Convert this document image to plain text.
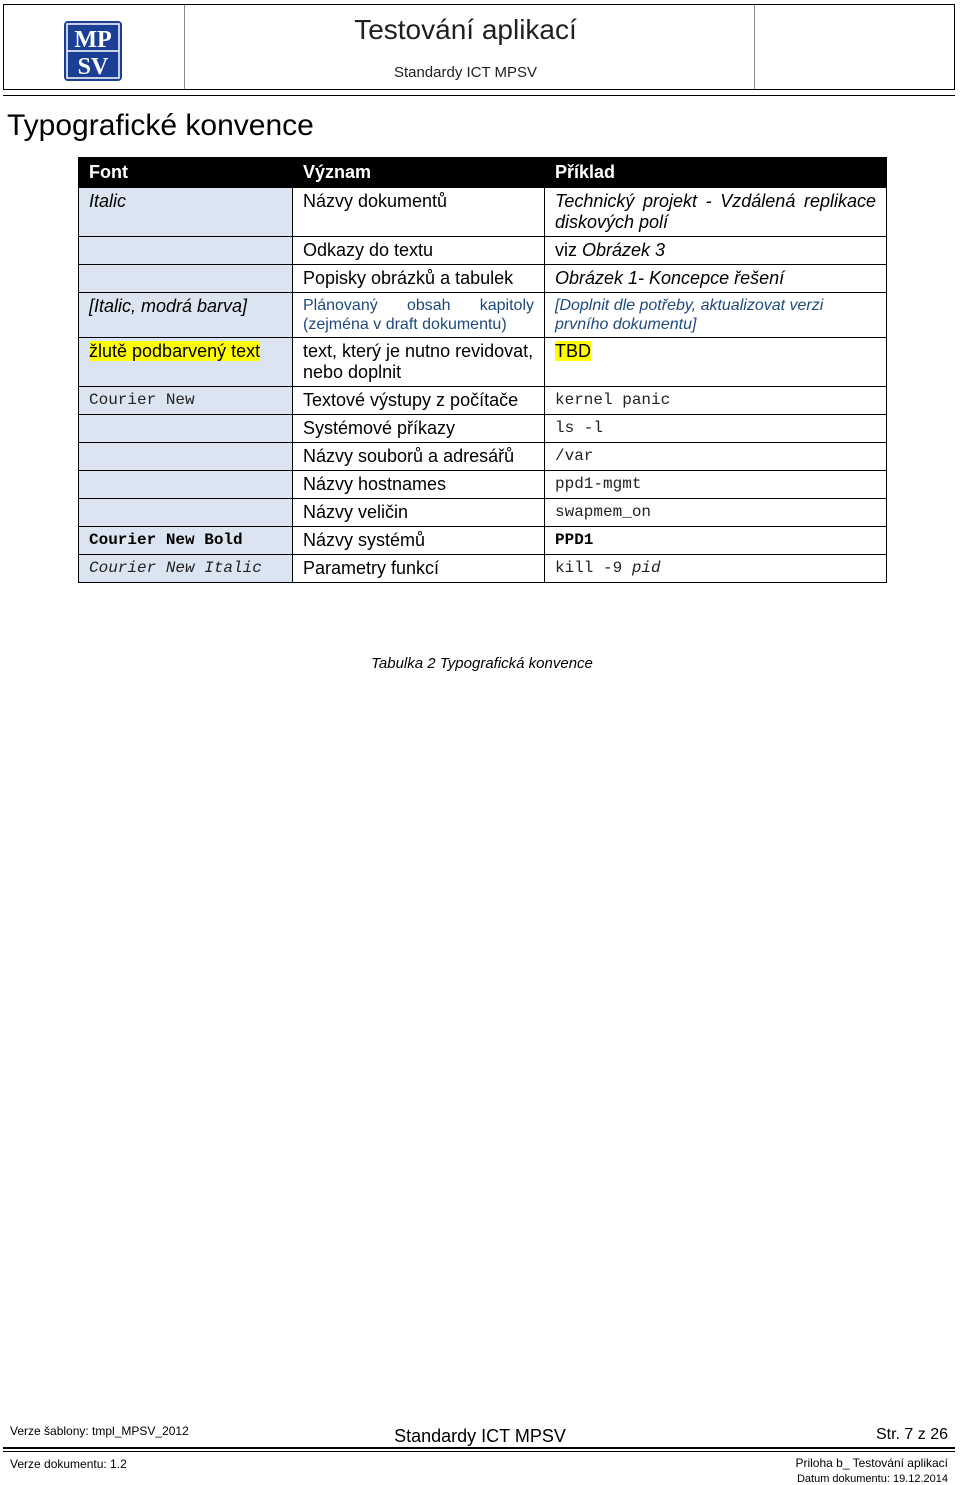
MP
SV
Testování aplikací
Standardy ICT MPSV
Typografické konvence
Font	Význam	Příklad
Italic	Názvy dokumentů	Technický projekt - Vzdálená replikace diskových polí
	Odkazy do textu	viz Obrázek 3
	Popisky obrázků a tabulek	Obrázek 1- Koncepce řešení
[Italic, modrá barva]	Plánovaný obsah kapitoly (zejména v draft dokumentu)	[Doplnit dle potřeby, aktualizovat verzi prvního dokumentu]

žlutě podbarvený text	text, který je nutno revidovat, nebo doplnit	TBD
Courier New	Textové výstupy z počítače	kernel panic
	Systémové příkazy	ls -l
	Názvy souborů a adresářů	/var
	Názvy hostnames	ppd1-mgmt
	Názvy veličin	swapmem_on
Courier New Bold	Názvy systémů	PPD1
Courier New Italic	Parametry funkcí	kill -9 pid
Tabulka 2 Typografická konvence
Verze šablony: tmpl_MPSV_2012	Standardy ICT MPSV	Str. 7 z 26
Verze dokumentu: 1.2	Priloha b_ Testování aplikací
Datum dokumentu: 19.12.2014
